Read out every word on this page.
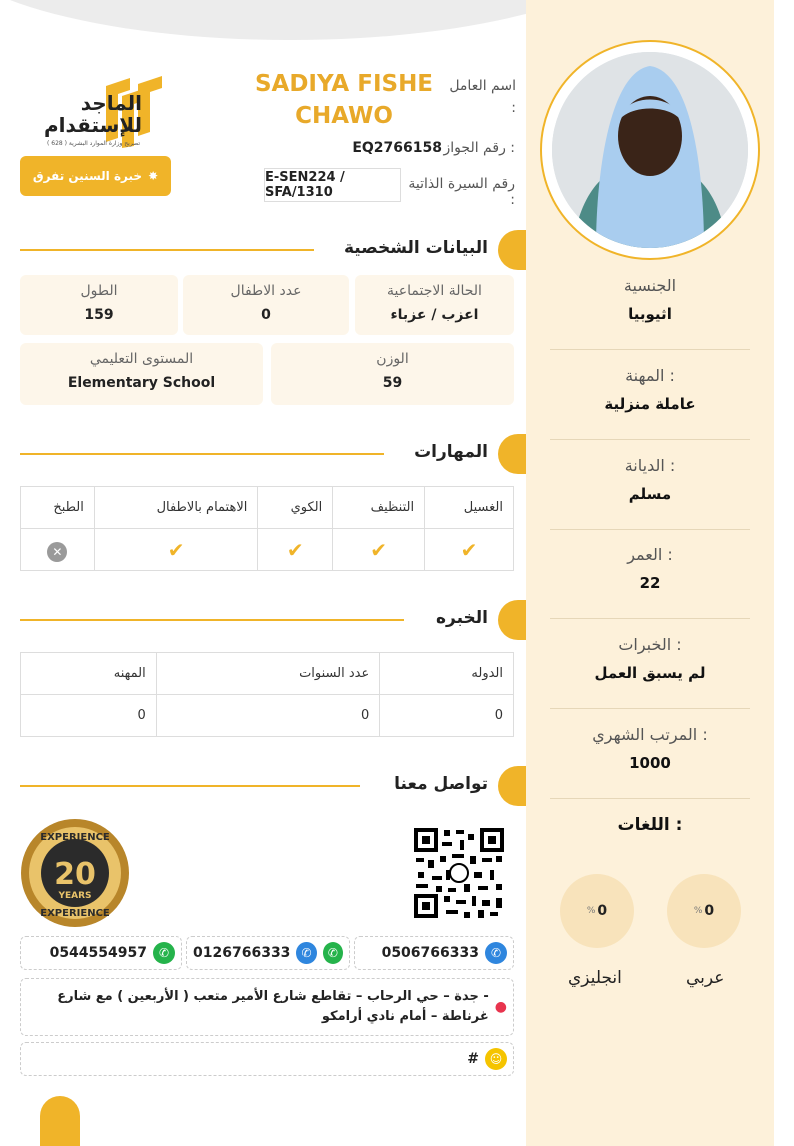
الجنسية
اثيوبيا
المهنة :
عاملة منزلية
الديانة :
مسلم
العمر :
22
الخبرات :
لم يسبق العمل
المرتب الشهري :
1000
اللغات :
% 0
عربي
% 0
انجليزي
الماجد للإستقدام
تصريح وزارة الموارد البشرية ( 628 )
خبرة السنين تفرق ✸
اسم العامل
:
SADIYA FISHE CHAWO
رقم الجواز :
EQ2766158
رقم السيرة الذاتية :
E-SEN224 / SFA/1310
البيانات الشخصية
الحالة الاجتماعية
اعزب / عزباء
عدد الاطفال
0
الطول
159
الوزن
59
المستوى التعليمي
Elementary School
المهارات
الطبخ	الاهتمام بالاطفال	الكوي	التنظيف	الغسيل
✕	✔	✔	✔	✔
الخبره
المهنه	عدد السنوات	الدوله
0	0	0
تواصل معنا
EXPERIENCE
20
YEARS
EXPERIENCE
0506766333 ✆
0126766333 ✆	✆
0544554957 ✆
- جدة – حي الرحاب – تقاطع شارع الأمير متعب ( الأربعين ) مع شارع غرناطة – أمام نادي أرامكو
●
# ☺
